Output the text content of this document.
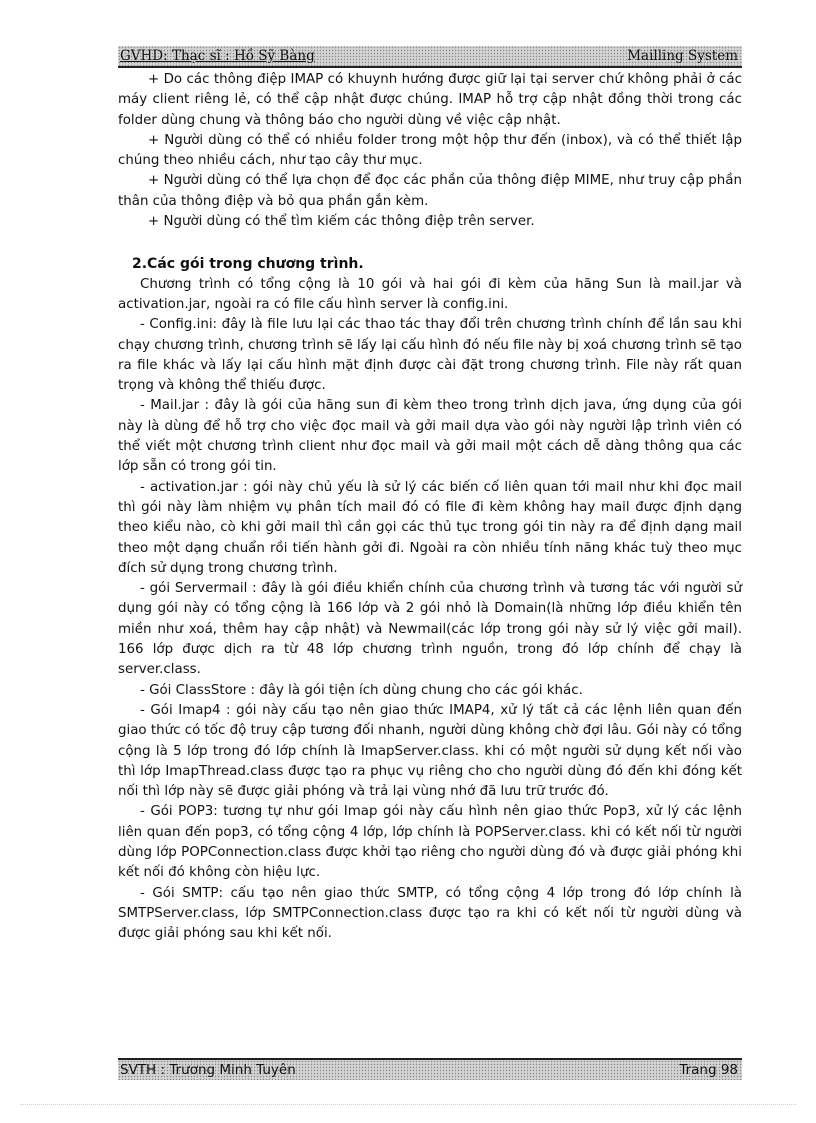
GVHD: Thạc sĩ : Hồ Sỹ Bàng	Mailling System

+ Do các thông điệp IMAP có khuynh hướng được giữ lại tại server chứ không phải ở các máy client riêng lẻ, có thể cập nhật được chúng. IMAP hỗ trợ cập nhật đồng thời trong các folder dùng chung và thông báo cho người dùng về việc cập nhật.

+ Người dùng có thể có nhiều folder trong một hộp thư đến (inbox), và có thể thiết lập chúng theo nhiều cách, như tạo cây thư mục.

+ Người dùng có thể lựa chọn để đọc các phần của thông điệp MIME, như truy cập phần thân của thông điệp và bỏ qua phần gắn kèm.

+ Người dùng có thể tìm kiếm các thông điệp trên server.

2.Các gói trong chương trình.

Chương trình có tổng cộng là 10 gói và hai gói đi kèm của hãng Sun là mail.jar và activation.jar, ngoài ra có file cấu hình server là config.ini.

- Config.ini: đây là file lưu lại các thao tác thay đổi trên chương trình chính để lần sau khi chạy chương trình, chương trình sẽ lấy lại cấu hình đó nếu file này bị xoá chương trình sẽ tạo ra file khác và lấy lại cấu hình mặt định được cài đặt trong chương trình. File này rất quan trọng và không thể thiếu được.

- Mail.jar : đây là gói của hãng sun đi kèm theo trong trình dịch java, ứng dụng của gói này là dùng để hỗ trợ cho việc đọc mail và gởi mail dựa vào gói này người lập trình viên có thể viết một chương trình client như đọc mail và gởi mail một cách dễ dàng thông qua các lớp sẵn có trong gói tin.

- activation.jar : gói này chủ yếu là sử lý các biến cố liên quan tới mail như khi đọc mail thì gói này làm nhiệm vụ phân tích mail đó có file đi kèm không hay mail được định dạng theo kiểu nào, cò khi gởi mail thì cần gọi các thủ tục trong gói tin này ra để định dạng mail theo một dạng chuẩn rồi tiến hành gởi đi. Ngoài ra còn nhiều tính năng khác tuỳ theo mục đích sử dụng trong chương trình.

- gói Servermail : đây là gói điều khiển chính của chương trình và tương tác với người sử dụng gói này có tổng cộng là 166 lớp và 2 gói nhỏ là Domain(là những lớp điều khiển tên miền như xoá, thêm hay cập nhật) và Newmail(các lớp trong gói này sử lý việc gởi mail). 166 lớp được dịch ra từ 48 lớp chương trình nguồn, trong đó lớp chính để chạy là server.class.

- Gói ClassStore : đây là gói tiện ích dùng chung cho các gói khác.

- Gói Imap4 : gói này cấu tạo nên giao thức IMAP4, xử lý tất cả các lệnh liên quan đến giao thức có tốc độ truy cập tương đối nhanh, người dùng không chờ đợi lâu. Gói này có tổng cộng là 5 lớp trong đó lớp chính là ImapServer.class. khi có một người sử dụng kết nối vào thì lớp ImapThread.class được tạo ra phục vụ riêng cho cho người dùng đó đến khi đóng kết nối thì lớp này sẽ được giải phóng và trả lại vùng nhớ đã lưu trữ trước đó.

- Gói POP3: tương tự như gói Imap gói này cấu hình nên giao thức Pop3, xử lý các lệnh liên quan đến pop3, có tổng cộng 4 lớp, lớp chính là POPServer.class. khi có kết nối từ người dùng lớp POPConnection.class được khởi tạo riêng cho người dùng đó và được giải phóng khi kết nối đó không còn hiệu lực.

- Gói SMTP: cấu tạo nên giao thức SMTP, có tổng cộng 4 lớp trong đó lớp chính là SMTPServer.class, lớp SMTPConnection.class được tạo ra khi có kết nối từ người dùng và được giải phóng sau khi kết nối.

SVTH : Trương Minh Tuyên	Trang 98
